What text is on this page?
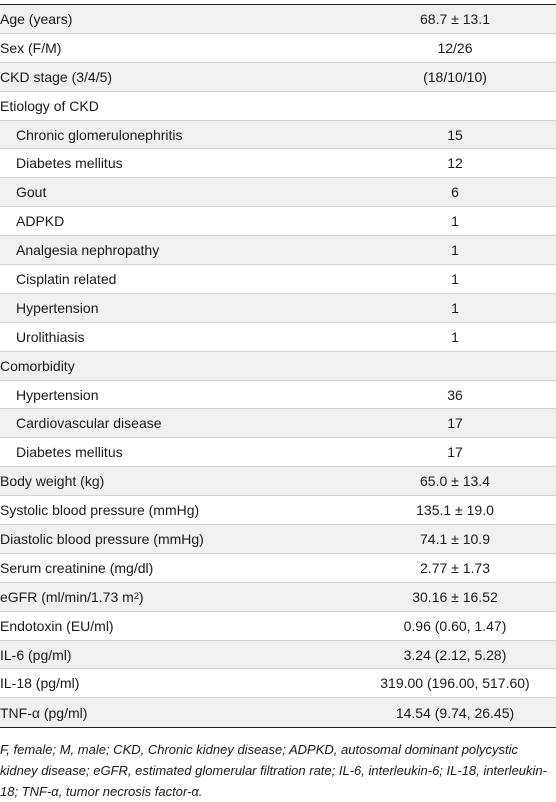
Age (years)	68.7 ± 13.1
Sex (F/M)	12/26
CKD stage (3/4/5)	(18/10/10)
Etiology of CKD
Chronic glomerulonephritis	15
Diabetes mellitus	12
Gout	6
ADPKD	1
Analgesia nephropathy	1
Cisplatin related	1
Hypertension	1
Urolithiasis	1
Comorbidity
Hypertension	36
Cardiovascular disease	17
Diabetes mellitus	17
Body weight (kg)	65.0 ± 13.4
Systolic blood pressure (mmHg)	135.1 ± 19.0
Diastolic blood pressure (mmHg)	74.1 ± 10.9
Serum creatinine (mg/dl)	2.77 ± 1.73
eGFR (ml/min/1.73 $m^2$ )	30.16 ± 16.52
Endotoxin (EU/ml)	0.96 (0.60, 1.47)
IL-6 (pg/ml)	3.24 (2.12, 5.28)
IL-18 (pg/ml)	319.00 (196.00, 517.60)
TNF-α (pg/ml)	14.54 (9.74, 26.45)
F, female; M, male; CKD, Chronic kidney disease; ADPKD, autosomal dominant polycystic kidney disease; eGFR, estimated glomerular filtration rate; IL-6, interleukin-6; IL-18, interleukin-18; TNF-α, tumor necrosis factor-α.
